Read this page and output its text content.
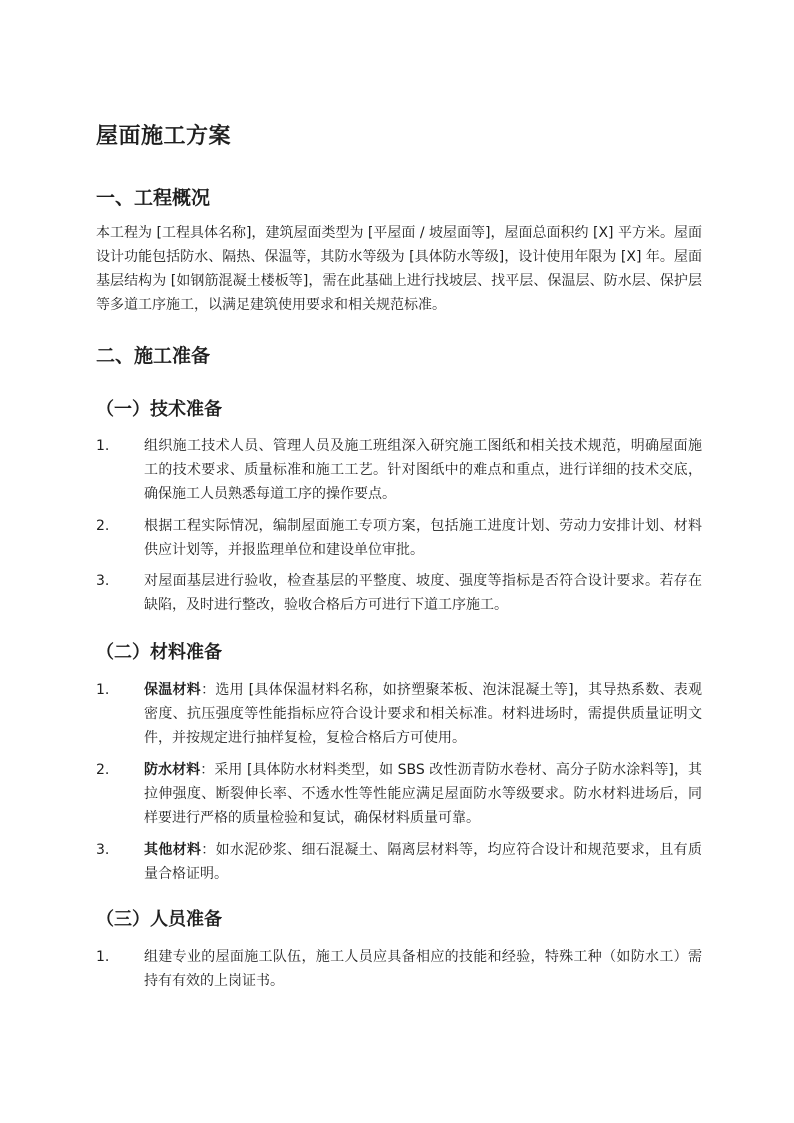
屋面施工方案
一、工程概况

本工程为 [工程具体名称]，建筑屋面类型为 [平屋面 / 坡屋面等]，屋面总面积约 [X] 平方米。屋面设计功能包括防水、隔热、保温等，其防水等级为 [具体防水等级]，设计使用年限为 [X] 年。屋面基层结构为 [如钢筋混凝土楼板等]，需在此基础上进行找坡层、找平层、保温层、防水层、保护层等多道工序施工，以满足建筑使用要求和相关规范标准。

二、施工准备
（一）技术准备
1. 组织施工技术人员、管理人员及施工班组深入研究施工图纸和相关技术规范，明确屋面施工的技术要求、质量标准和施工工艺。针对图纸中的难点和重点，进行详细的技术交底，确保施工人员熟悉每道工序的操作要点。
2. 根据工程实际情况，编制屋面施工专项方案，包括施工进度计划、劳动力安排计划、材料供应计划等，并报监理单位和建设单位审批。
3. 对屋面基层进行验收，检查基层的平整度、坡度、强度等指标是否符合设计要求。若存在缺陷，及时进行整改，验收合格后方可进行下道工序施工。
（二）材料准备
1. 保温材料：选用 [具体保温材料名称，如挤塑聚苯板、泡沫混凝土等]，其导热系数、表观密度、抗压强度等性能指标应符合设计要求和相关标准。材料进场时，需提供质量证明文件，并按规定进行抽样复检，复检合格后方可使用。
2. 防水材料：采用 [具体防水材料类型，如 SBS 改性沥青防水卷材、高分子防水涂料等]，其拉伸强度、断裂伸长率、不透水性等性能应满足屋面防水等级要求。防水材料进场后，同样要进行严格的质量检验和复试，确保材料质量可靠。
3. 其他材料：如水泥砂浆、细石混凝土、隔离层材料等，均应符合设计和规范要求，且有质量合格证明。
（三）人员准备
1. 组建专业的屋面施工队伍，施工人员应具备相应的技能和经验，特殊工种（如防水工）需持有有效的上岗证书。
